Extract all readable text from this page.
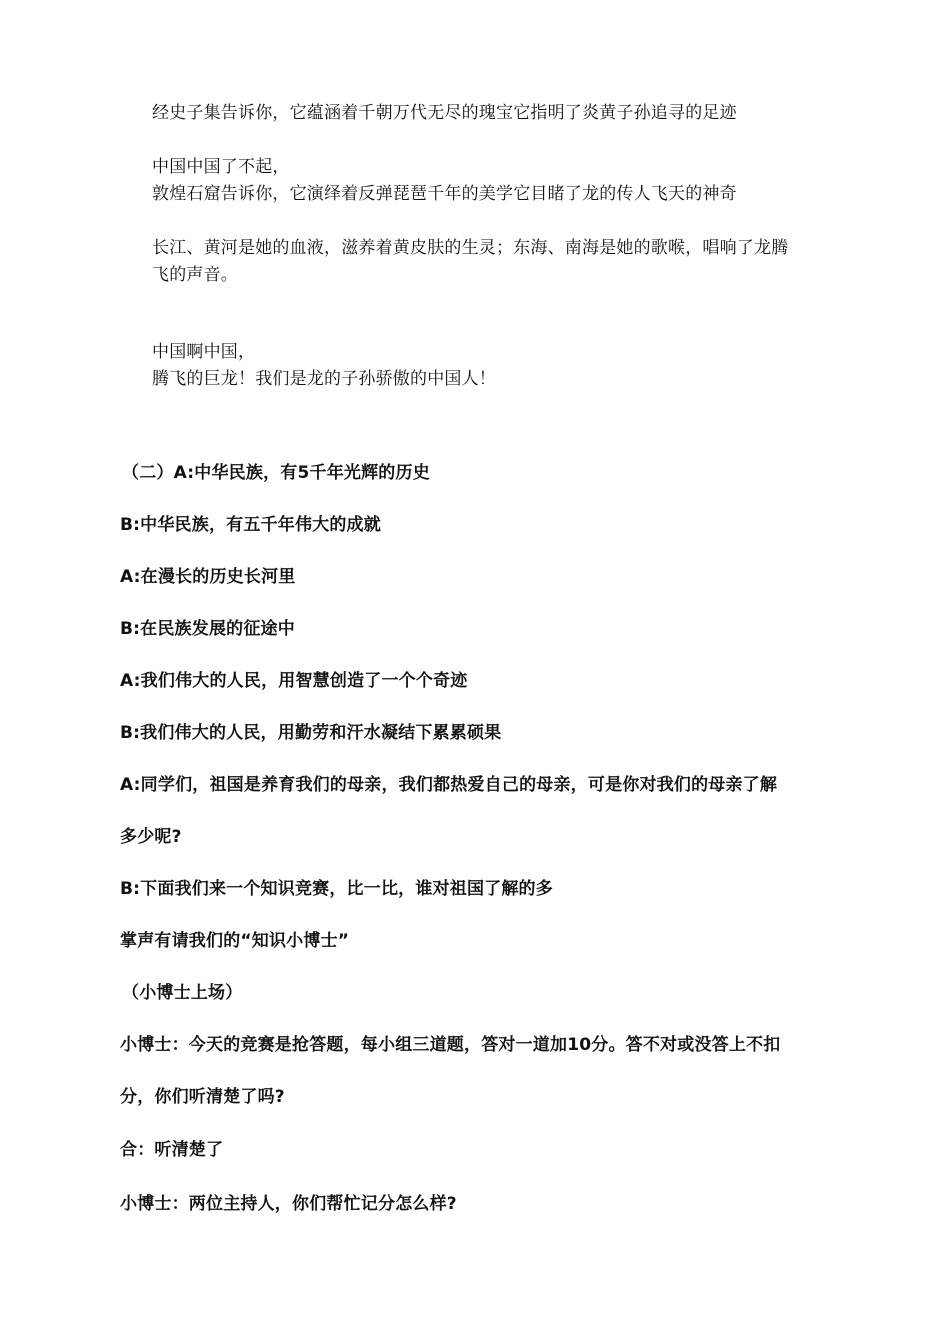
经史子集告诉你，它蕴涵着千朝万代无尽的瑰宝它指明了炎黄子孙追寻的足迹
中国中国了不起，
敦煌石窟告诉你，它演绎着反弹琵琶千年的美学它目睹了龙的传人飞天的神奇
长江、黄河是她的血液，滋养着黄皮肤的生灵；东海、南海是她的歌喉，唱响了龙腾
飞的声音。
中国啊中国，
腾飞的巨龙！我们是龙的子孙骄傲的中国人！
（二）A:中华民族，有5千年光辉的历史
B:中华民族，有五千年伟大的成就
A:在漫长的历史长河里
B:在民族发展的征途中
A:我们伟大的人民，用智慧创造了一个个奇迹
B:我们伟大的人民，用勤劳和汗水凝结下累累硕果
A:同学们，祖国是养育我们的母亲，我们都热爱自己的母亲，可是你对我们的母亲了解
多少呢?
B:下面我们来一个知识竞赛，比一比，谁对祖国了解的多
掌声有请我们的“知识小博士”
（小博士上场）
小博士：今天的竞赛是抢答题，每小组三道题，答对一道加10分。答不对或没答上不扣
分，你们听清楚了吗?
合：听清楚了
小博士：两位主持人，你们帮忙记分怎么样?
